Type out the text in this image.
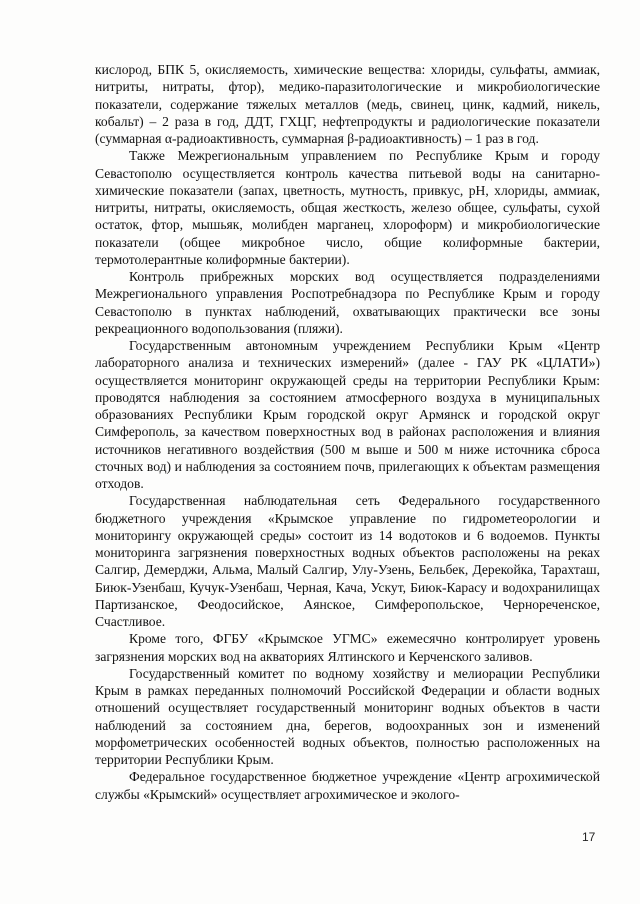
кислород, БПК 5, окисляемость, химические вещества: хлориды, сульфаты, аммиак, нитриты, нитраты, фтор), медико-паразитологические и микробиологические показатели, содержание тяжелых металлов (медь, свинец, цинк, кадмий, никель, кобальт) – 2 раза в год, ДДТ, ГХЦГ, нефтепродукты и радиологические показатели (суммарная α-радиоактивность, суммарная β-радиоактивность) – 1 раз в год.

Также Межрегиональным управлением по Республике Крым и городу Севастополю осуществляется контроль качества питьевой воды на санитарно-химические показатели (запах, цветность, мутность, привкус, pH, хлориды, аммиак, нитриты, нитраты, окисляемость, общая жесткость, железо общее, сульфаты, сухой остаток, фтор, мышьяк, молибден марганец, хлороформ) и микробиологические показатели (общее микробное число, общие колиформные бактерии, термотолерантные колиформные бактерии).

Контроль прибрежных морских вод осуществляется подразделениями Межрегионального управления Роспотребнадзора по Республике Крым и городу Севастополю в пунктах наблюдений, охватывающих практически все зоны рекреационного водопользования (пляжи).

Государственным автономным учреждением Республики Крым «Центр лабораторного анализа и технических измерений» (далее - ГАУ РК «ЦЛАТИ») осуществляется мониторинг окружающей среды на территории Республики Крым: проводятся наблюдения за состоянием атмосферного воздуха в муниципальных образованиях Республики Крым городской округ Армянск и городской округ Симферополь, за качеством поверхностных вод в районах расположения и влияния источников негативного воздействия (500 м выше и 500 м ниже источника сброса сточных вод) и наблюдения за состоянием почв, прилегающих к объектам размещения отходов.

Государственная наблюдательная сеть Федерального государственного бюджетного учреждения «Крымское управление по гидрометеорологии и мониторингу окружающей среды» состоит из 14 водотоков и 6 водоемов. Пункты мониторинга загрязнения поверхностных водных объектов расположены на реках Салгир, Демерджи, Альма, Малый Салгир, Улу-Узень, Бельбек, Дерекойка, Тарахташ, Биюк-Узенбаш, Кучук-Узенбаш, Черная, Кача, Ускут, Биюк-Карасу и водохранилищах Партизанское, Феодосийское, Аянское, Симферопольское, Чернореченское, Счастливое.

Кроме того, ФГБУ «Крымское УГМС» ежемесячно контролирует уровень загрязнения морских вод на акваториях Ялтинского и Керченского заливов.

Государственный комитет по водному хозяйству и мелиорации Республики Крым в рамках переданных полномочий Российской Федерации и области водных отношений осуществляет государственный мониторинг водных объектов в части наблюдений за состоянием дна, берегов, водоохранных зон и изменений морфометрических особенностей водных объектов, полностью расположенных на территории Республики Крым.

Федеральное государственное бюджетное учреждение «Центр агрохимической службы «Крымский» осуществляет агрохимическое и эколого-

17
